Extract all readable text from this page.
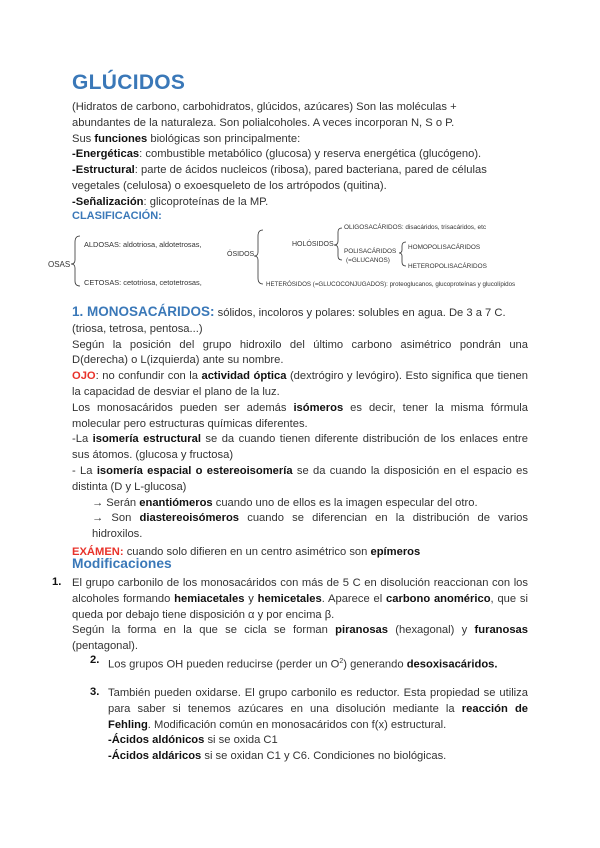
GLÚCIDOS
(Hidratos de carbono, carbohidratos, glúcidos, azúcares) Son las moléculas +
abundantes de la naturaleza. Son polialcoholes. A veces incorporan N, S o P.
Sus funciones biológicas son principalmente:
-Energéticas: combustible metabólico (glucosa) y reserva energética (glucógeno).
-Estructural: parte de ácidos nucleicos (ribosa), pared bacteriana, pared de células
vegetales (celulosa) o exoesqueleto de los artrópodos (quitina).
-Señalización: glicoproteínas de la MP.
CLASIFICACIÓN:
OSAS
ALDOSAS: aldotriosa, aldotetrosas,
CETOSAS: cetotriosa, cetotetrosas,
ÓSIDOS
HOLÓSIDOS
OLIGOSACÁRIDOS: disacáridos, trisacáridos, etc
POLISACÁRIDOS
(=GLUCANOS)
HOMOPOLISACÁRIDOS
HETEROPOLISACÁRIDOS
HETERÓSIDOS (=GLUCOCONJUGADOS): proteoglucanos, glucoproteínas y glucolípidos
1. MONOSACÁRIDOS: sólidos, incoloros y polares: solubles en agua. De 3 a 7 C.
(triosa, tetrosa, pentosa...)
Según la posición del grupo hidroxilo del último carbono asimétrico pondrán una D(derecha) o L(izquierda) ante su nombre.
OJO: no confundir con la actividad óptica (dextrógiro y levógiro). Esto significa que tienen la capacidad de desviar el plano de la luz.
Los monosacáridos pueden ser además isómeros es decir, tener la misma fórmula molecular pero estructuras químicas diferentes.
-La isomería estructural se da cuando tienen diferente distribución de los enlaces entre sus átomos. (glucosa y fructosa)
- La isomería espacial o estereoisomería se da cuando la disposición en el espacio es distinta (D y L-glucosa)
→ Serán enantiómeros cuando uno de ellos es la imagen especular del otro.
→ Son diastereoisómeros cuando se diferencian en la distribución de varios hidroxilos.
EXÁMEN: cuando solo difieren en un centro asimétrico son epímeros
Modificaciones
1. El grupo carbonilo de los monosacáridos con más de 5 C en disolución reaccionan con los alcoholes formando hemiacetales y hemicetales. Aparece el carbono anomérico, que si queda por debajo tiene disposición α y por encima β.
Según la forma en la que se cicla se forman piranosas (hexagonal) y furanosas (pentagonal).
2. Los grupos OH pueden reducirse (perder un $O^2$) generando desoxisacáridos.
3. También pueden oxidarse. El grupo carbonilo es reductor. Esta propiedad se utiliza para saber si tenemos azúcares en una disolución mediante la reacción de Fehling. Modificación común en monosacáridos con f(x) estructural.
-Ácidos aldónicos si se oxida C1
-Ácidos aldáricos si se oxidan C1 y C6. Condiciones no biológicas.
